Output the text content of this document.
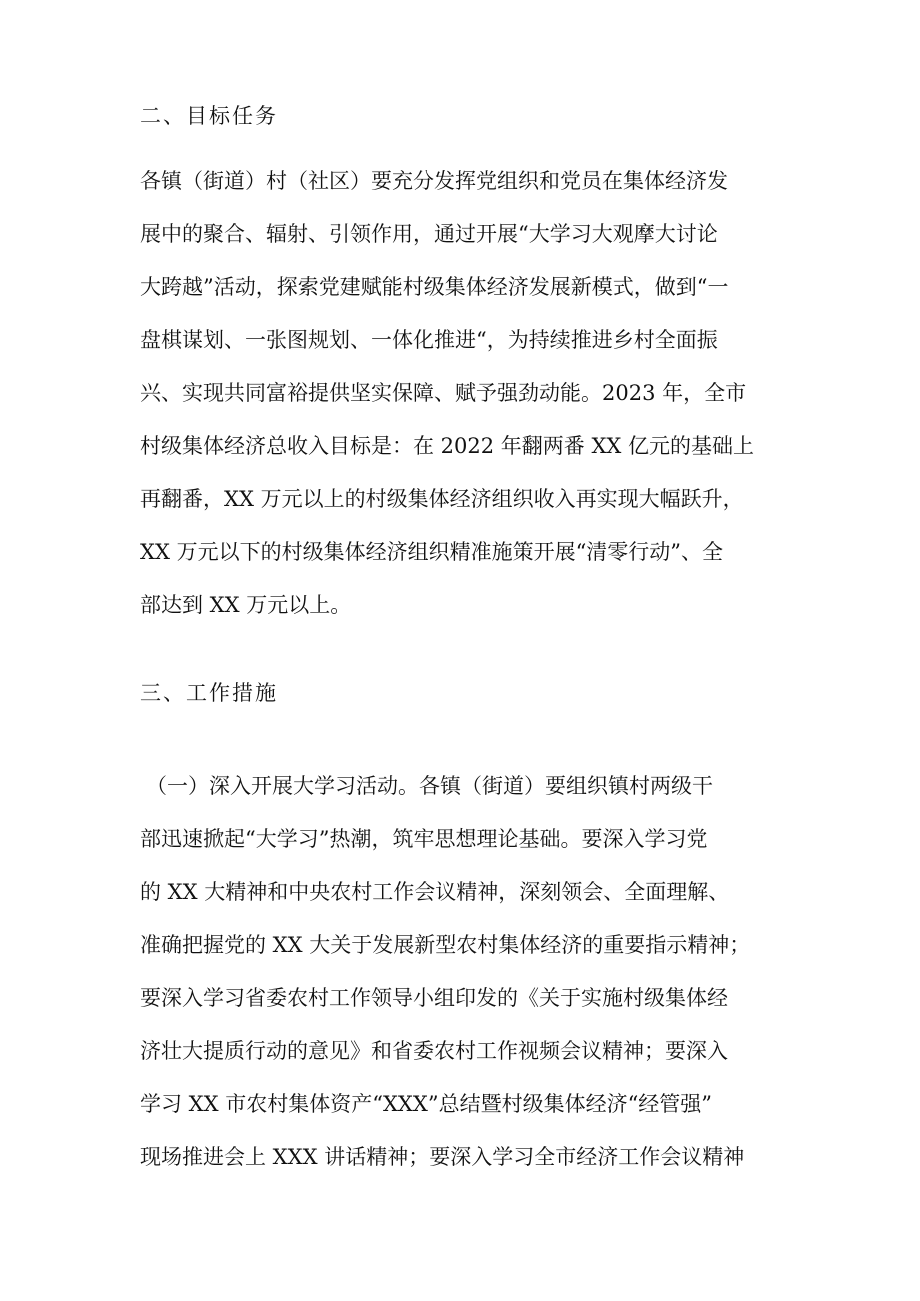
二、目标任务
各镇（街道）村（社区）要充分发挥党组织和党员在集体经济发
展中的聚合、辐射、引领作用，通过开展“大学习大观摩大讨论
大跨越”活动，探索党建赋能村级集体经济发展新模式，做到“一
盘棋谋划、一张图规划、一体化推进“，为持续推进乡村全面振
兴、实现共同富裕提供坚实保障、赋予强劲动能。2023 年，全市
村级集体经济总收入目标是：在 2022 年翻两番 XX 亿元的基础上
再翻番，XX 万元以上的村级集体经济组织收入再实现大幅跃升，
XX 万元以下的村级集体经济组织精准施策开展“清零行动”、全
部达到 XX 万元以上。
三、工作措施
（一）深入开展大学习活动。各镇（街道）要组织镇村两级干
部迅速掀起“大学习”热潮，筑牢思想理论基础。要深入学习党
的 XX 大精神和中央农村工作会议精神，深刻领会、全面理解、
准确把握党的 XX 大关于发展新型农村集体经济的重要指示精神；
要深入学习省委农村工作领导小组印发的《关于实施村级集体经
济壮大提质行动的意见》和省委农村工作视频会议精神；要深入
学习 XX 市农村集体资产“XXX”总结暨村级集体经济“经管强”
现场推进会上 XXX 讲话精神；要深入学习全市经济工作会议精神
